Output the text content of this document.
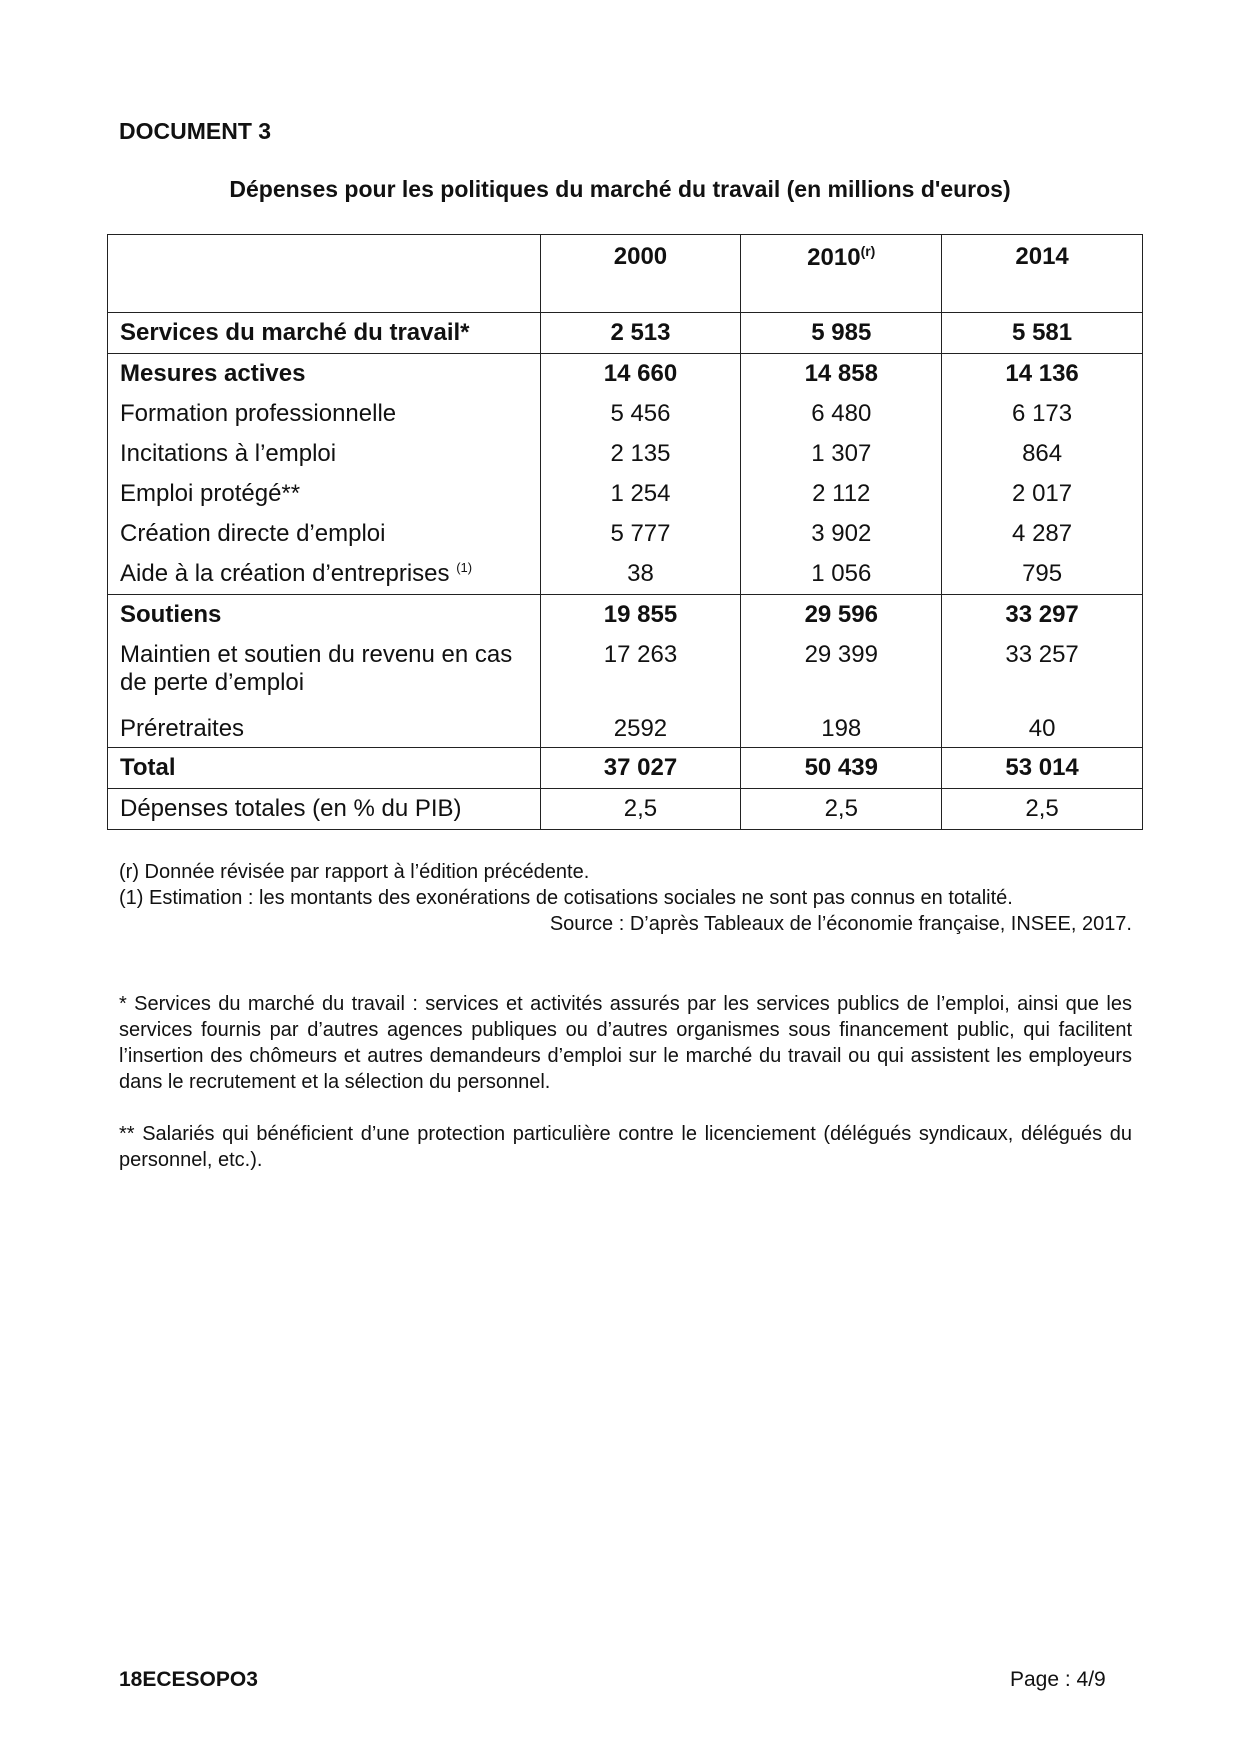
DOCUMENT 3
Dépenses pour les politiques du marché du travail (en millions d'euros)
	2000	2010$^{(r)}$	2014
Services du marché du travail*	2 513	5 985	5 581
Mesures actives	14 660	14 858	14 136
Formation professionnelle	5 456	6 480	6 173
Incitations à l’emploi	2 135	1 307	864
Emploi protégé**	1 254	2 112	2 017
Création directe d’emploi	5 777	3 902	4 287
Aide à la création d’entreprises $^{(1)}$	38	1 056	795
Soutiens	19 855	29 596	33 297
Maintien et soutien du revenu en cas de perte d’emploi	17 263	29 399	33 257
Préretraites	2592	198	40
Total	37 027	50 439	53 014
Dépenses totales (en % du PIB)	2,5	2,5	2,5

(r) Donnée révisée par rapport à l’édition précédente.

(1) Estimation : les montants des exonérations de cotisations sociales ne sont pas connus en totalité.

Source : D’après Tableaux de l’économie française, INSEE, 2017.

* Services du marché du travail : services et activités assurés par les services publics de l’emploi, ainsi que les services fournis par d’autres agences publiques ou d’autres organismes sous financement public, qui facilitent l’insertion des chômeurs et autres demandeurs d’emploi sur le marché du travail ou qui assistent les employeurs dans le recrutement et la sélection du personnel.

** Salariés qui bénéficient d’une protection particulière contre le licenciement (délégués syndicaux, délégués du personnel, etc.).

18ECESOPO3	Page : 4/9
